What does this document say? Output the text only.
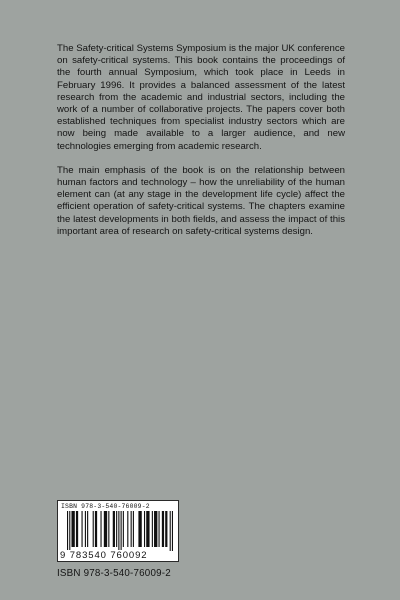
The Safety-critical Systems Symposium is the major UK conference on safety-critical systems. This book contains the proceedings of the fourth annual Symposium, which took place in Leeds in February 1996. It provides a balanced assessment of the latest research from the academic and industrial sectors, including the work of a number of collaborative projects. The papers cover both established techniques from specialist industry sectors which are now being made available to a larger audience, and new technologies emerging from academic research.

The main emphasis of the book is on the relationship between human factors and technology – how the unreliability of the human element can (at any stage in the development life cycle) affect the efficient operation of safety-critical systems. The chapters examine the latest developments in both fields, and assess the impact of this important area of research on safety-critical systems design.

ISBN 978-3-540-76009-2
9 783540 760092
ISBN 978-3-540-76009-2
